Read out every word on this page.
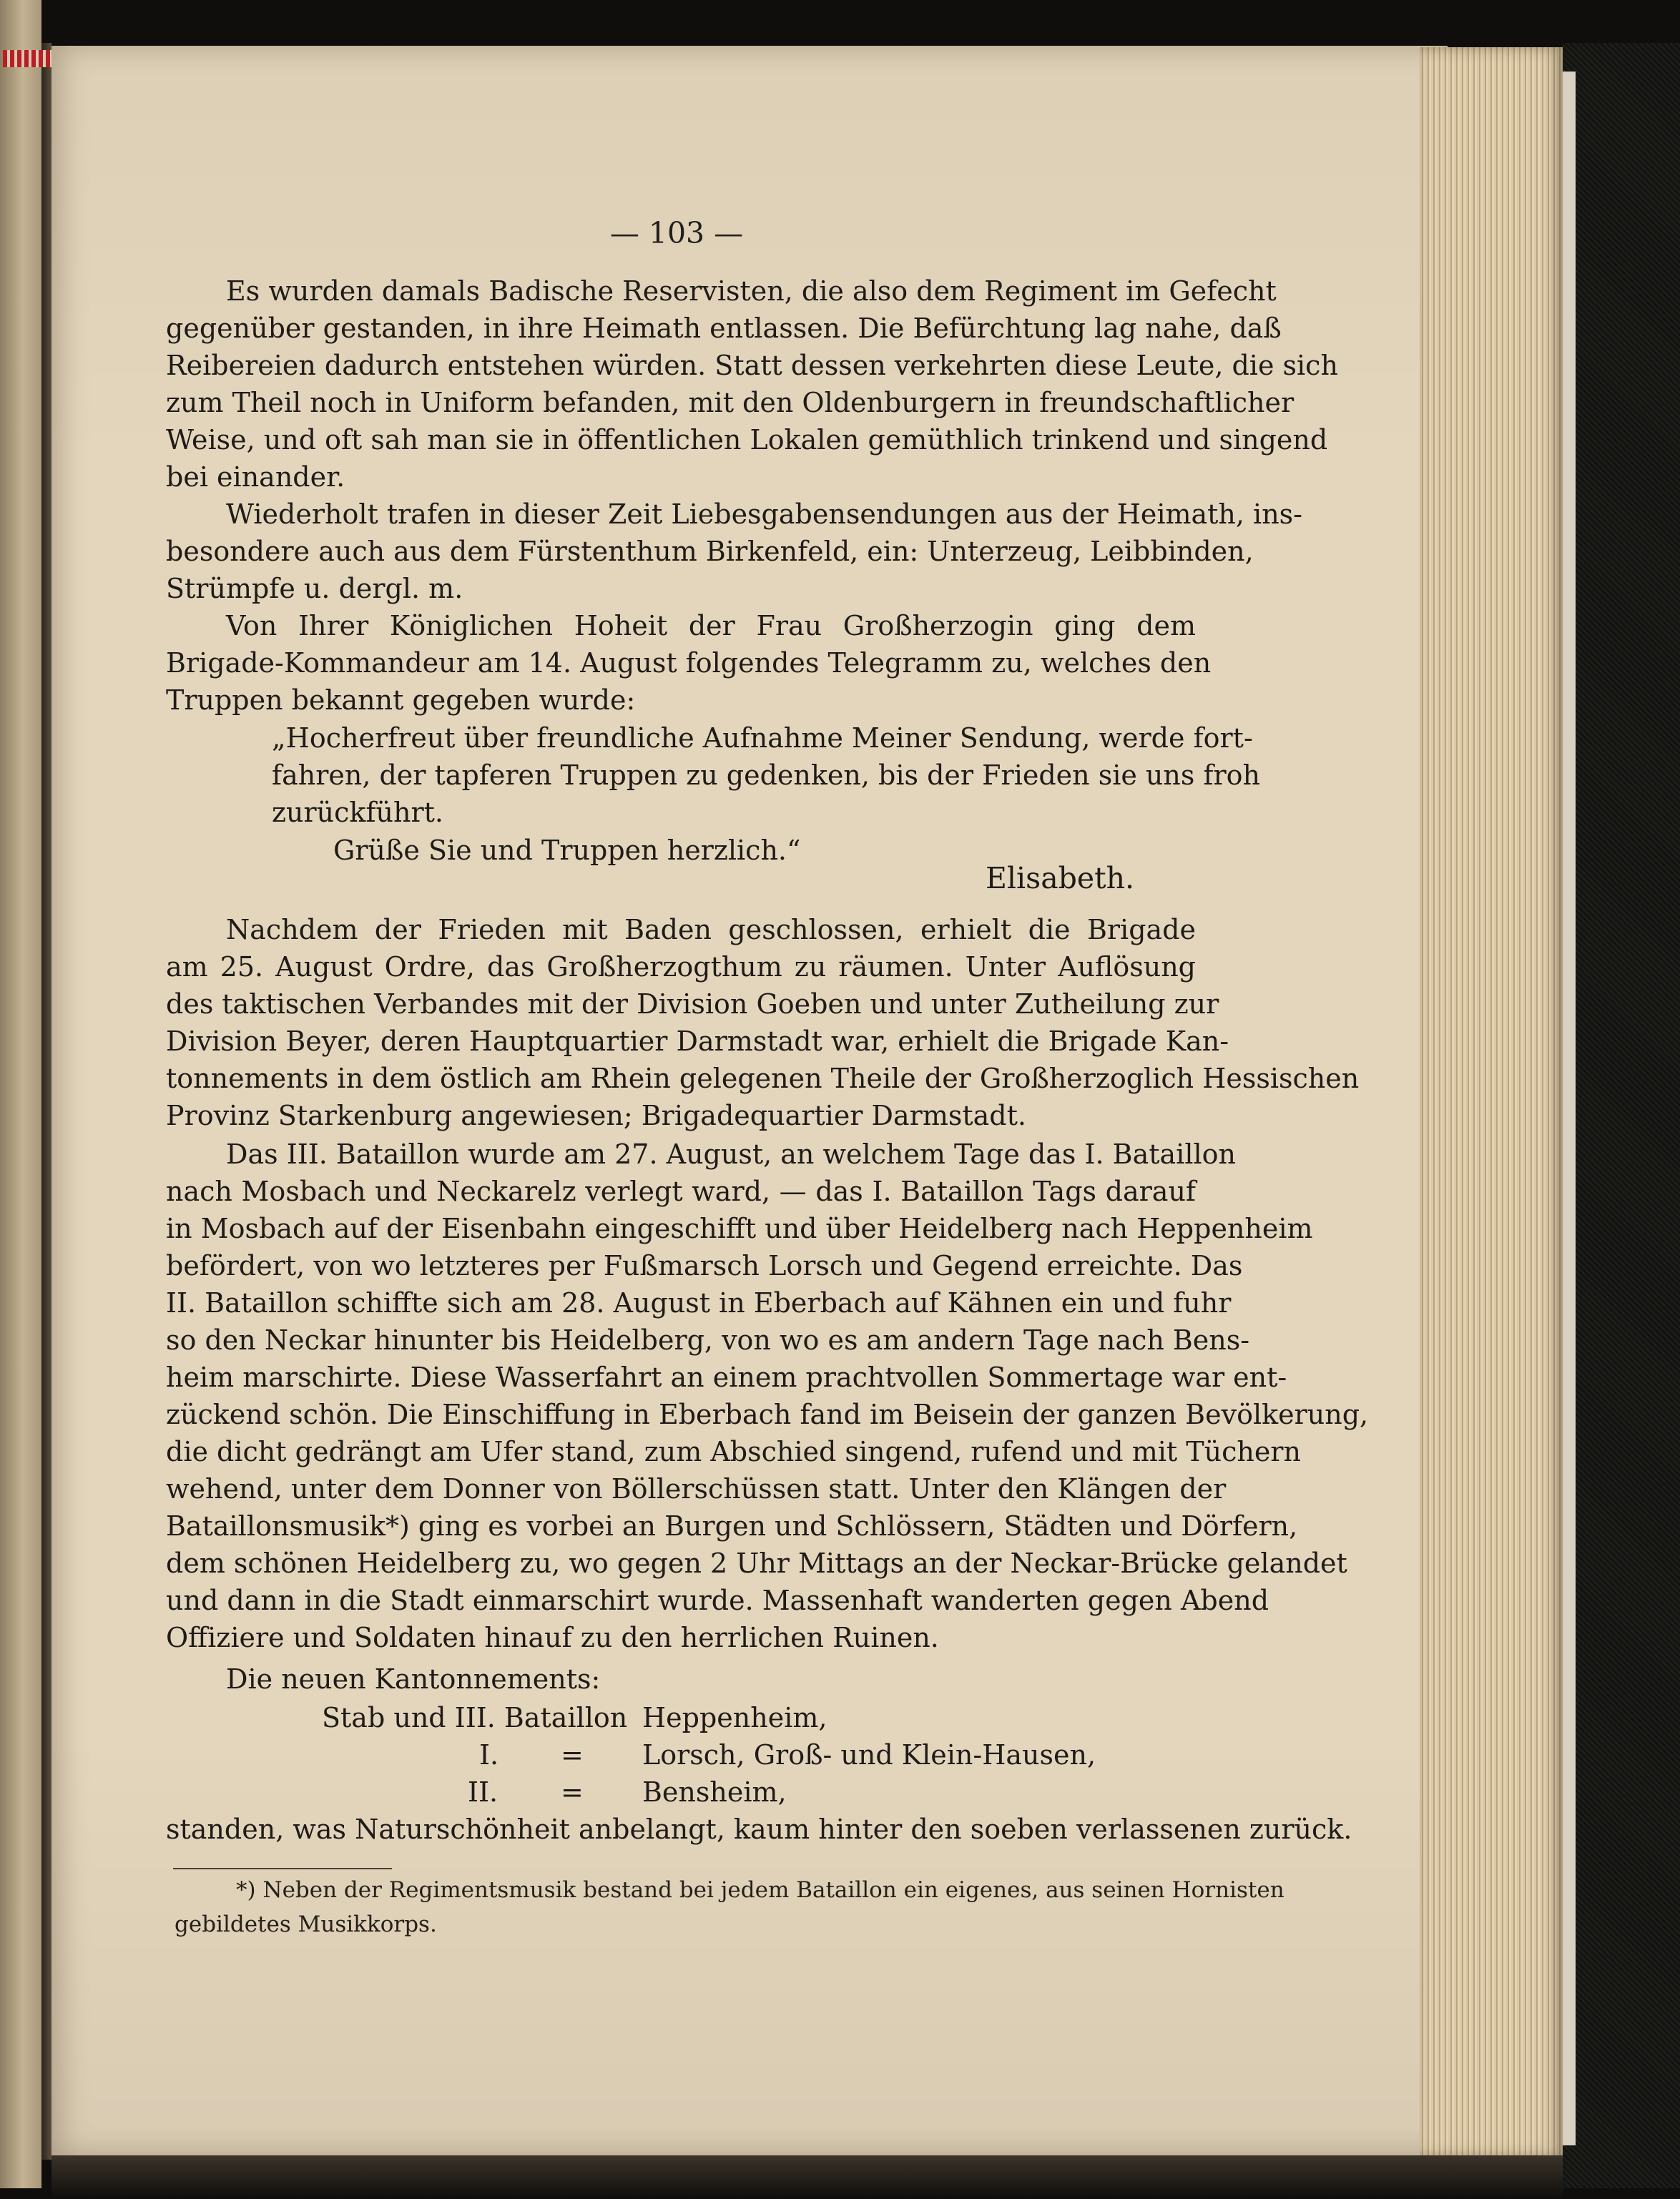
— 103 —
Es wurden damals Badische Reservisten, die also dem Regiment im Gefecht
gegenüber gestanden, in ihre Heimath entlassen. Die Befürchtung lag nahe, daß
Reibereien dadurch entstehen würden. Statt dessen verkehrten diese Leute, die sich
zum Theil noch in Uniform befanden, mit den Oldenburgern in freundschaftlicher
Weise, und oft sah man sie in öffentlichen Lokalen gemüthlich trinkend und singend
bei einander.
Wiederholt trafen in dieser Zeit Liebesgabensendungen aus der Heimath, ins-
besondere auch aus dem Fürstenthum Birkenfeld, ein: Unterzeug, Leibbinden,
Strümpfe u. dergl. m.
Von Ihrer Königlichen Hoheit der Frau Großherzogin ging dem
Brigade-Kommandeur am 14. August folgendes Telegramm zu, welches den
Truppen bekannt gegeben wurde:
„Hocherfreut über freundliche Aufnahme Meiner Sendung, werde fort-
fahren, der tapferen Truppen zu gedenken, bis der Frieden sie uns froh
zurückführt.
Grüße Sie und Truppen herzlich.“
Elisabeth.
Nachdem der Frieden mit Baden geschlossen, erhielt die Brigade
am 25. August Ordre, das Großherzogthum zu räumen. Unter Auflösung
des taktischen Verbandes mit der Division Goeben und unter Zutheilung zur
Division Beyer, deren Hauptquartier Darmstadt war, erhielt die Brigade Kan-
tonnements in dem östlich am Rhein gelegenen Theile der Großherzoglich Hessischen
Provinz Starkenburg angewiesen; Brigadequartier Darmstadt.
Das III. Bataillon wurde am 27. August, an welchem Tage das I. Bataillon
nach Mosbach und Neckarelz verlegt ward, — das I. Bataillon Tags darauf
in Mosbach auf der Eisenbahn eingeschifft und über Heidelberg nach Heppenheim
befördert, von wo letzteres per Fußmarsch Lorsch und Gegend erreichte. Das
II. Bataillon schiffte sich am 28. August in Eberbach auf Kähnen ein und fuhr
so den Neckar hinunter bis Heidelberg, von wo es am andern Tage nach Bens-
heim marschirte. Diese Wasserfahrt an einem prachtvollen Sommertage war ent-
zückend schön. Die Einschiffung in Eberbach fand im Beisein der ganzen Bevölkerung,
die dicht gedrängt am Ufer stand, zum Abschied singend, rufend und mit Tüchern
wehend, unter dem Donner von Böllerschüssen statt. Unter den Klängen der
Bataillonsmusik*) ging es vorbei an Burgen und Schlössern, Städten und Dörfern,
dem schönen Heidelberg zu, wo gegen 2 Uhr Mittags an der Neckar-Brücke gelandet
und dann in die Stadt einmarschirt wurde. Massenhaft wanderten gegen Abend
Offiziere und Soldaten hinauf zu den herrlichen Ruinen.
Die neuen Kantonnements:
Stab und III. Bataillon Heppenheim,
I.	= Lorsch, Groß- und Klein-Hausen,
II.	= Bensheim,
standen, was Naturschönheit anbelangt, kaum hinter den soeben verlassenen zurück.
*) Neben der Regimentsmusik bestand bei jedem Bataillon ein eigenes, aus seinen Hornisten
gebildetes Musikkorps.
